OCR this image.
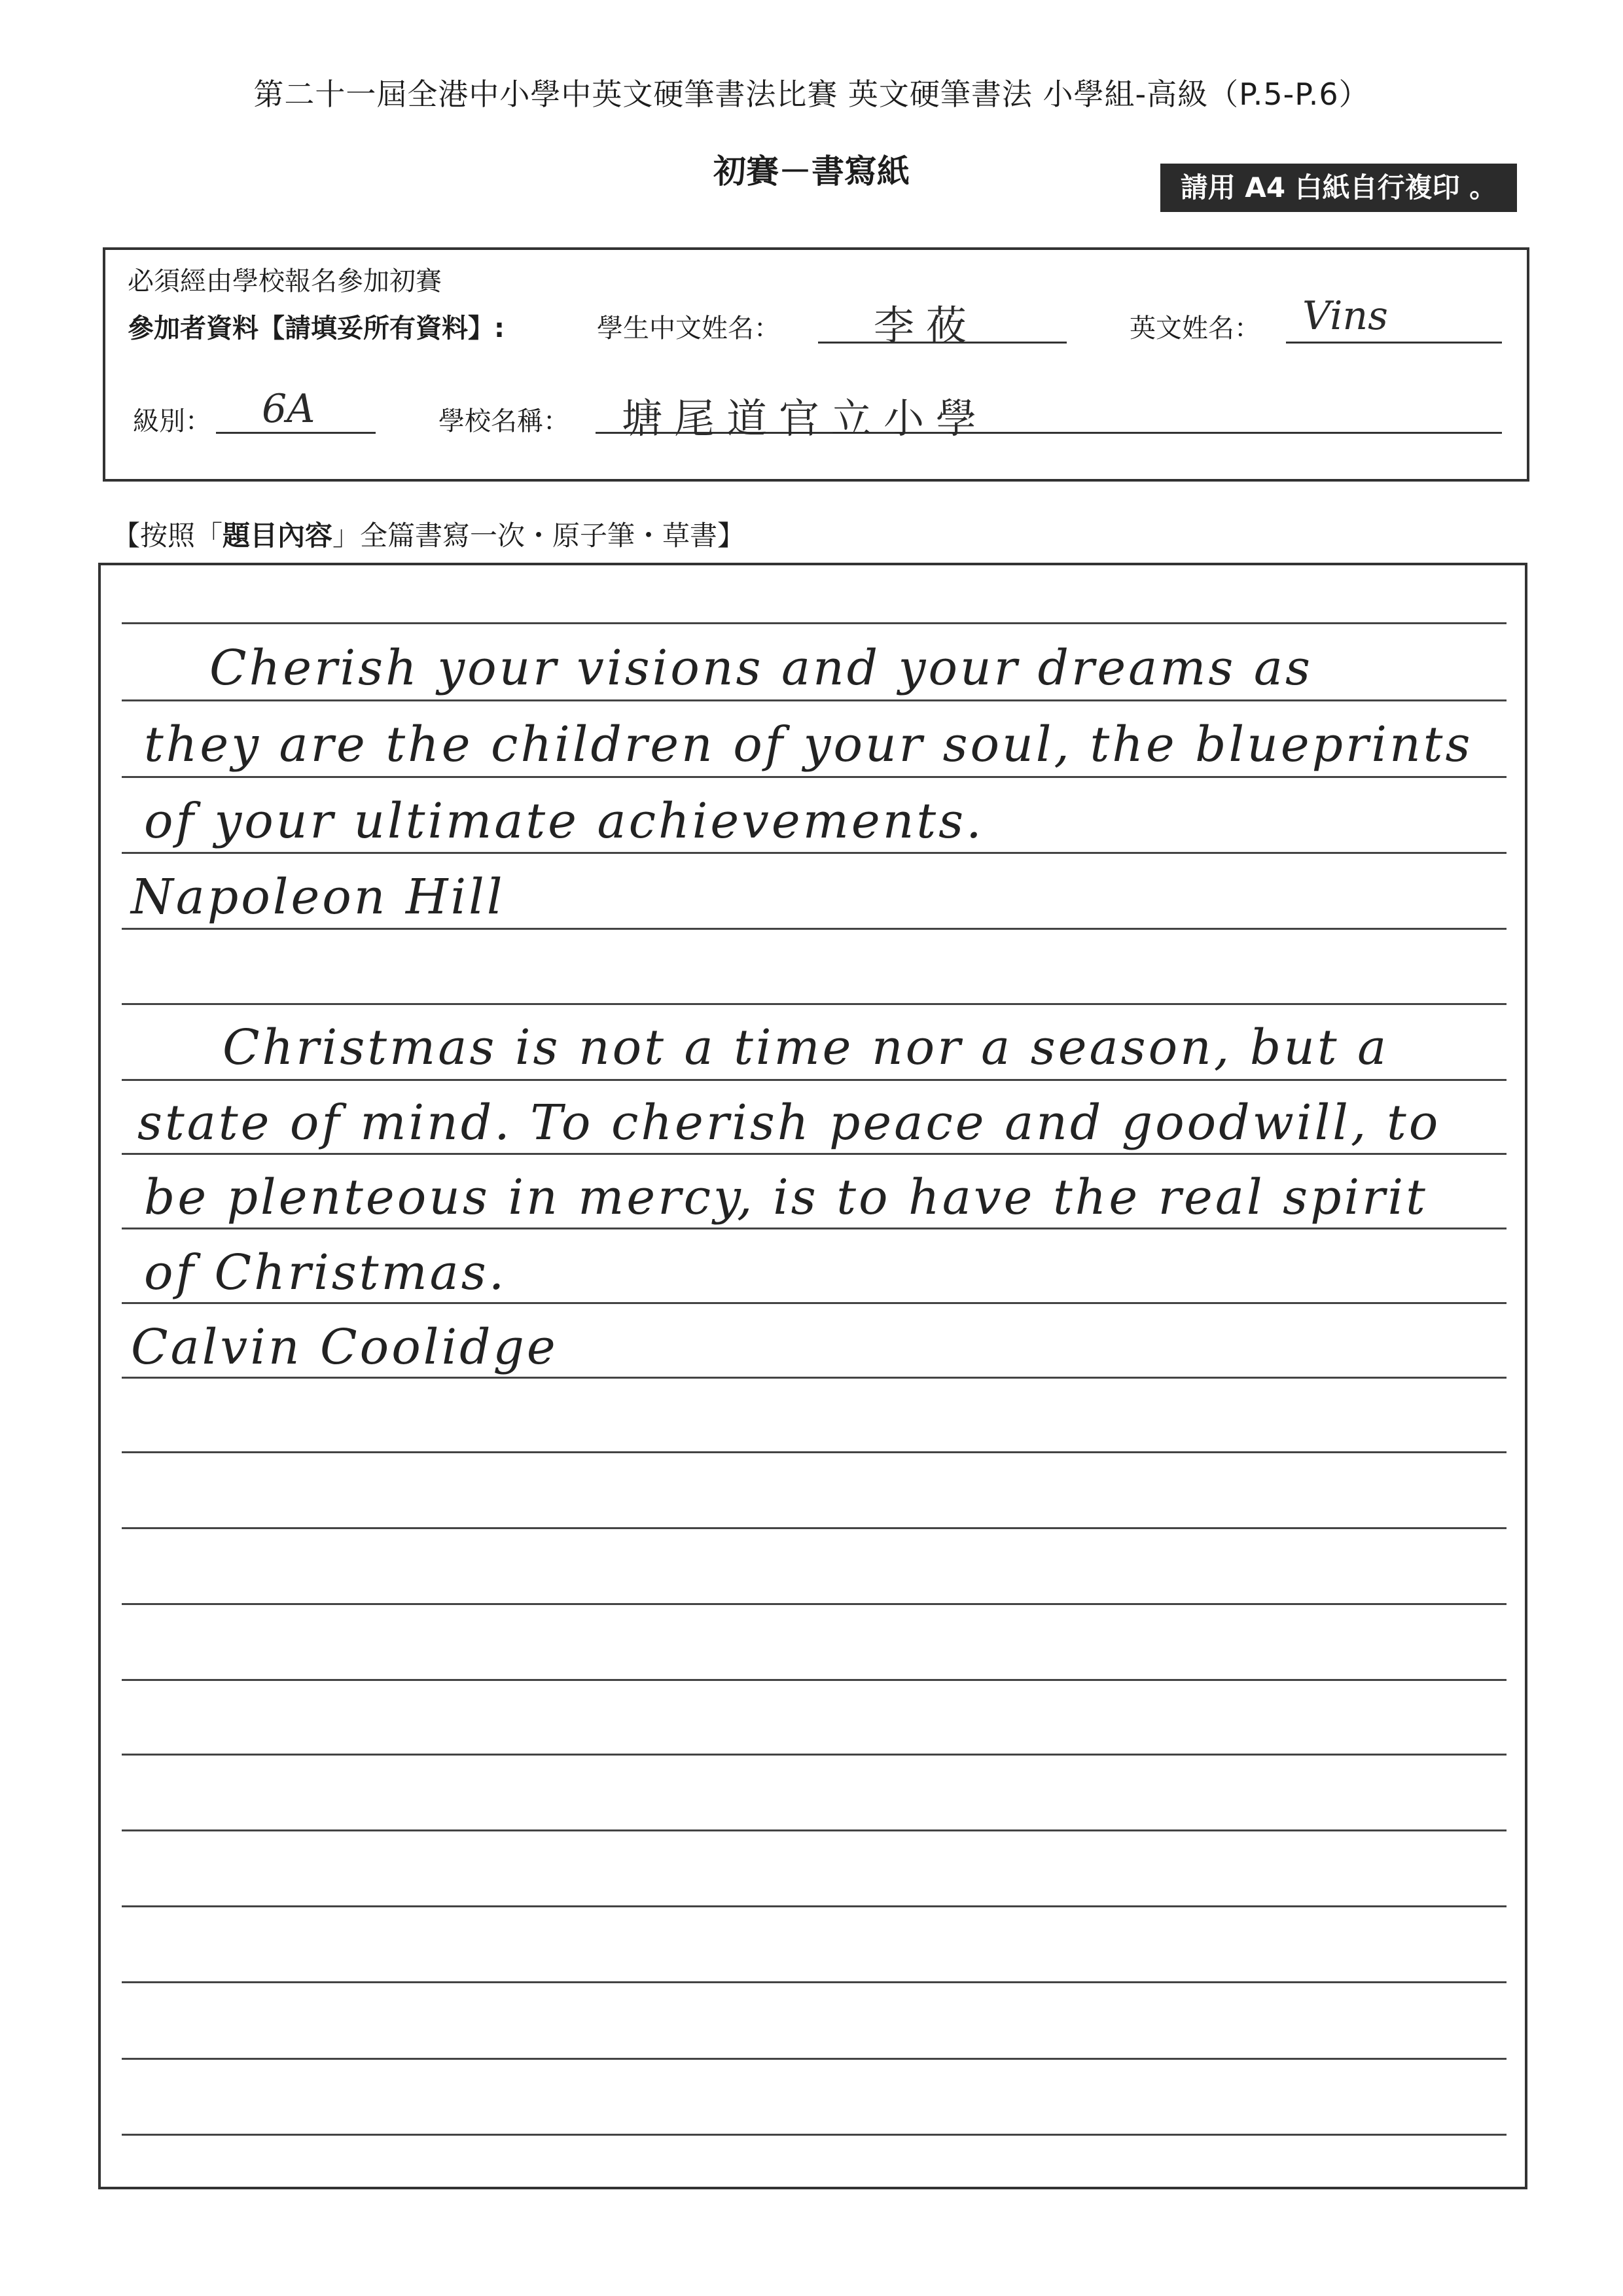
第二十一屆全港中小學中英文硬筆書法比賽 英文硬筆書法 小學組-高級（P.5-P.6）
初賽－書寫紙	請用 A4 白紙自行複印 。
必須經由學校報名參加初賽
參加者資料【請填妥所有資料】:	學生中文姓名： 李莜	英文姓名： Vins
級別： 6A	學校名稱： 塘尾道官立小學
【按照「題目內容」全篇書寫一次・原子筆・草書】
Cherish your visions and your dreams as
they are the children of your soul, the blueprints
of your ultimate achievements.
Napoleon Hill
Christmas is not a time nor a season, but a
state of mind. To cherish peace and goodwill, to
be plenteous in mercy, is to have the real spirit
of Christmas.
Calvin Coolidge
